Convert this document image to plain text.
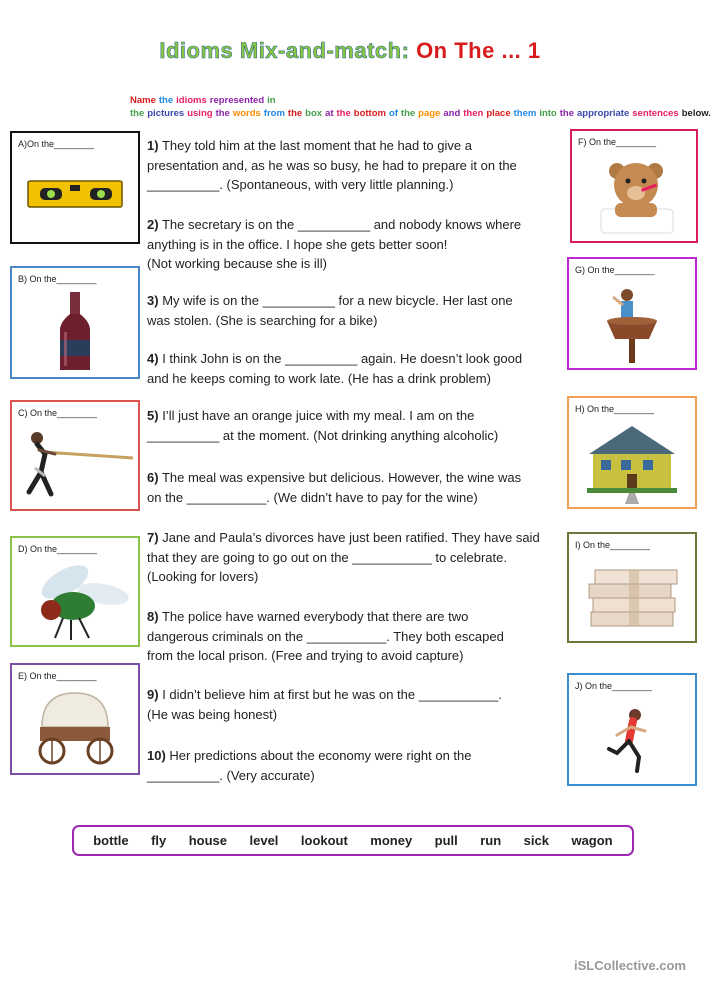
Idioms Mix-and-match: On The ... 1
Name the idioms represented in the pictures using the words from the box at the bottom of the page and then place them into the appropriate sentences below.
A)On the________
B) On the________
C) On the________
D) On the________
E) On the________
F) On the________
G) On the________
H) On the________
I) On the________
J) On the________
1) They told him at the last moment that he had to give a
presentation and, as he was so busy, he had to prepare it on the
__________. (Spontaneous, with very little planning.)
2) The secretary is on the __________ and nobody knows where
anything is in the office. I hope she gets better soon!
(Not working because she is ill)
3) My wife is on the __________ for a new bicycle. Her last one
was stolen. (She is searching for a bike)
4) I think John is on the __________ again. He doesn’t look good
and he keeps coming to work late. (He has a drink problem)
5) I’ll just have an orange juice with my meal. I am on the
__________ at the moment. (Not drinking anything alcoholic)
6) The meal was expensive but delicious. However, the wine was
on the ___________. (We didn’t have to pay for the wine)
7) Jane and Paula’s divorces have just been ratified. They have said
that they are going to go out on the ___________ to celebrate.
(Looking for lovers)
8) The police have warned everybody that there are two
dangerous criminals on the ___________. They both escaped
from the local prison. (Free and trying to avoid capture)
9) I didn’t believe him at first but he was on the ___________.
(He was being honest)
10) Her predictions about the economy were right on the
__________. (Very accurate)
bottle fly house level lookout money pull run sick wagon
iSLCollective.com
